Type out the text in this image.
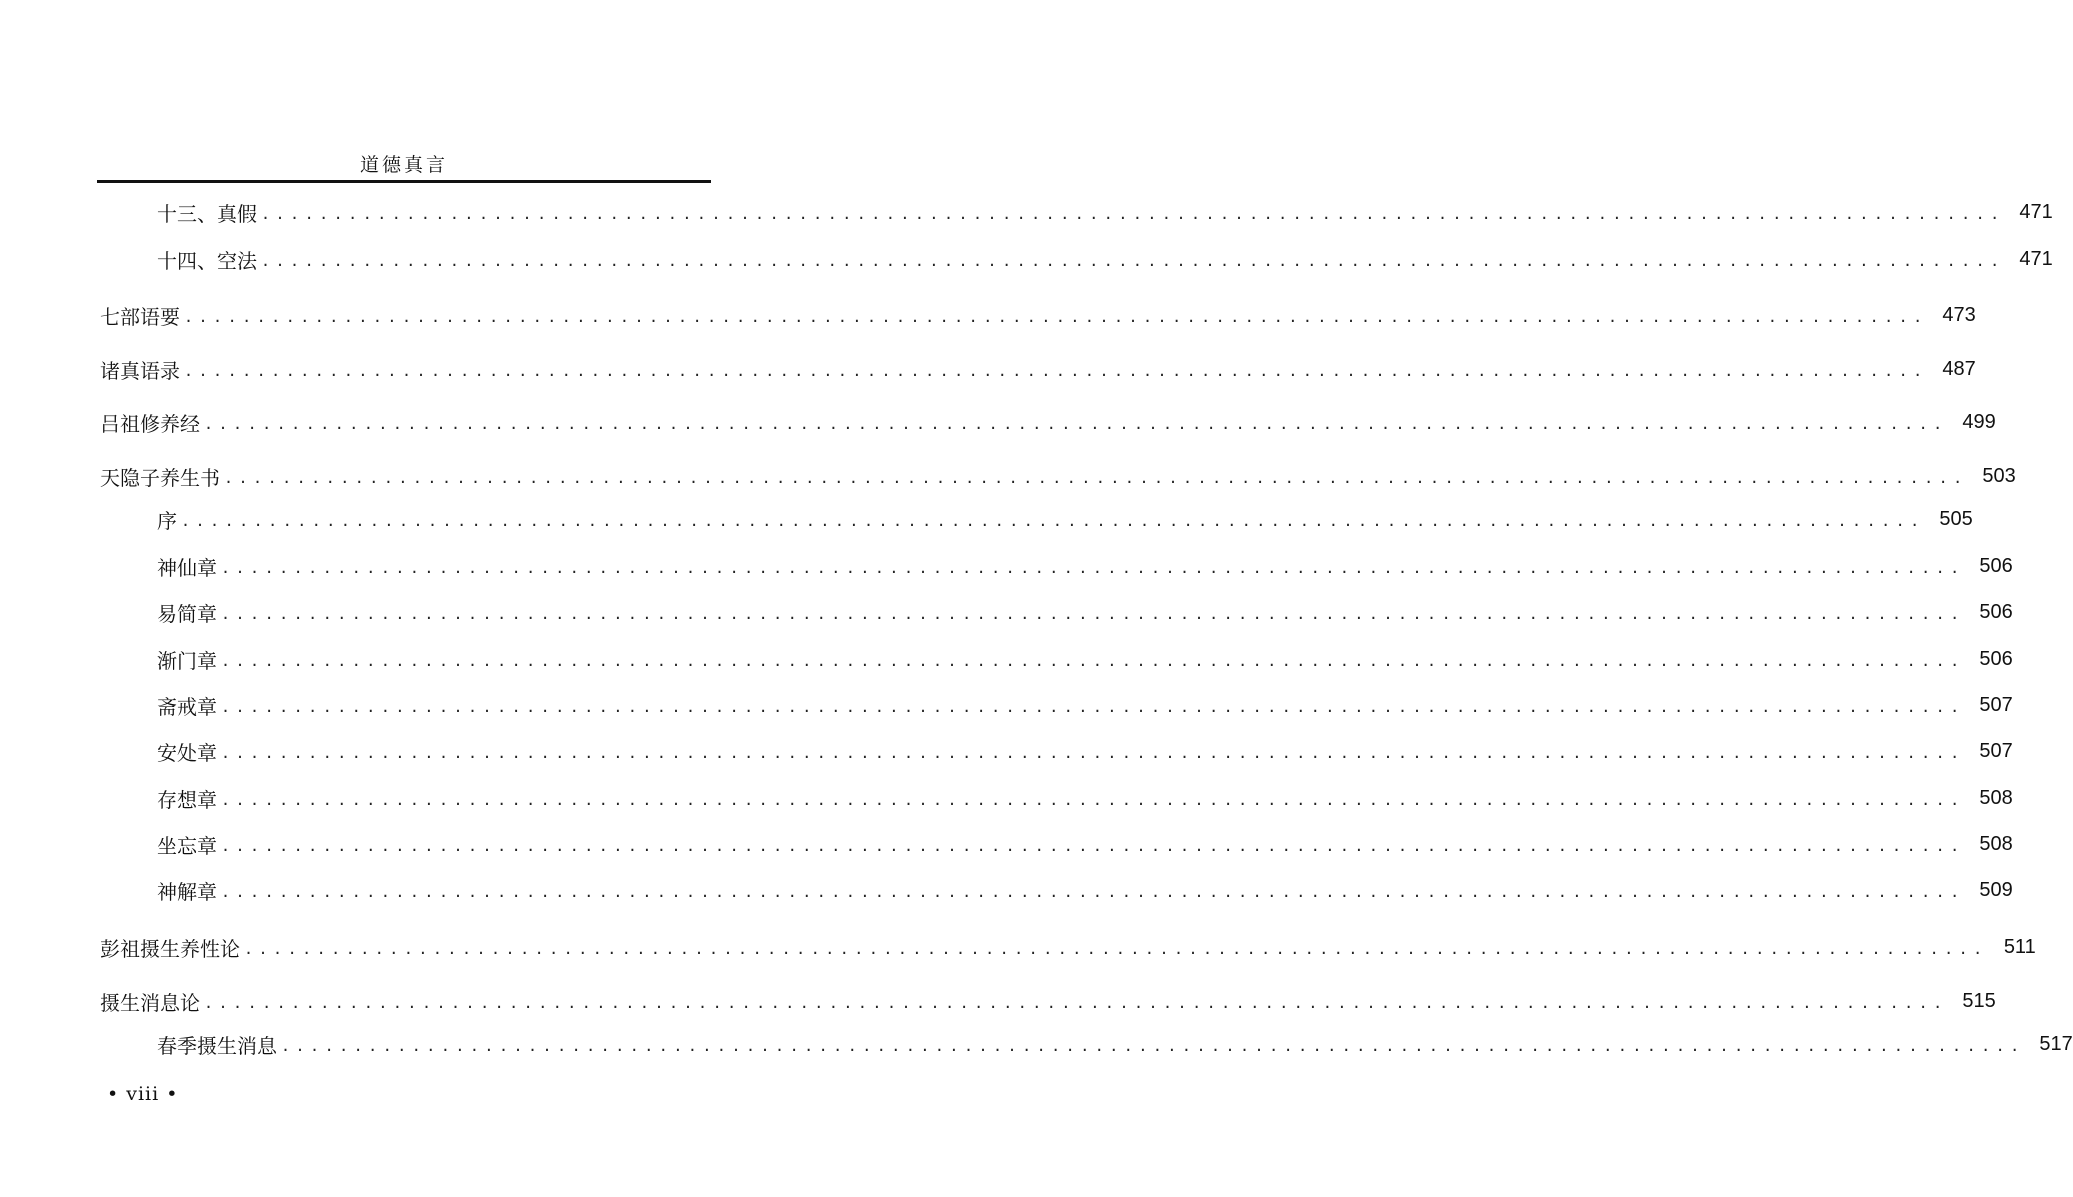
道德真言
十三、真假 ........................................................................................................................ 471
十四、空法 ........................................................................................................................ 471
七部语要 ........................................................................................................................ 473
诸真语录 ........................................................................................................................ 487
吕祖修养经 ........................................................................................................................ 499
天隐子养生书 ........................................................................................................................ 503
序 ........................................................................................................................ 505
神仙章 ........................................................................................................................ 506
易简章 ........................................................................................................................ 506
渐门章 ........................................................................................................................ 506
斋戒章 ........................................................................................................................ 507
安处章 ........................................................................................................................ 507
存想章 ........................................................................................................................ 508
坐忘章 ........................................................................................................................ 508
神解章 ........................................................................................................................ 509
彭祖摄生养性论 ........................................................................................................................ 511
摄生消息论 ........................................................................................................................ 515
春季摄生消息 ........................................................................................................................ 517
• viii •
